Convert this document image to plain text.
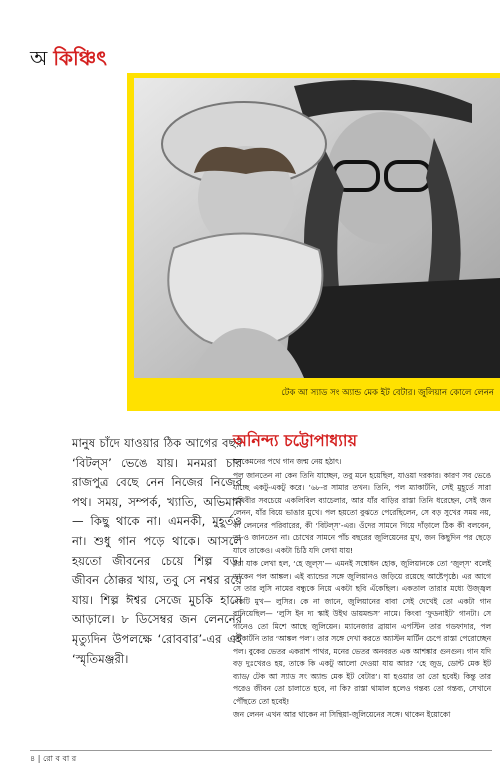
অ কিঞ্চিৎ
টেক আ স্যাড সং অ্যান্ড মেক ইট বেটার। জুলিয়ান কোলে লেনন

মানুষ চাঁদে যাওয়ার ঠিক আগের বছর ‘বিটল্‌স’ ভেঙে যায়। মনমরা চার রাজপুত্র বেছে নেন নিজের নিজের পথ। সময়, সম্পর্ক, খ্যাতি, অভিমান— কিছু থাকে না। এমনকী, মুহূর্তও না। শুধু গান পড়ে থাকে। আসলে হয়তো জীবনের চেয়ে শিল্প বড়। জীবন ঠোক্কর খায়, তবু সে নশ্বর রয়ে যায়। শিল্প ঈশ্বর সেজে মুচকি হাসে আড়ালে। ৮ ডিসেম্বর জন লেননের মৃত্যুদিন উপলক্ষে ‘রোববার’-এর এই ‘স্মৃতিমঞ্জরী।

অনিন্দ্য চট্টোপাধ্যায়

মনকেমনের পথে গান জন্ম নেয় হঠাৎ।

পল জানতেন না কেন তিনি যাচ্ছেন, তবু মনে হয়েছিল, যাওয়া দরকার। কারণ সব ভেঙে যাচ্ছে একটু-একটু করে। ’৬৮-র সামার তখন। তিনি, পল ম্যাকার্টনি, সেই মুহূর্তে সারা পৃথিবীর সবচেয়ে একলিবিল ব্যাচেলার, আর যাঁর বাড়ির রাস্তা তিনি ধরেছেন, সেই জন লেনন, যাঁর বিয়ে ভাঙার মুখে। পল হয়তো বুঝতে পেরেছিলেন, সে বড় সুখের সময় নয়, কী লেননের পরিবারের, কী ‘বিটল্‌স’-এর। ওঁদের সামনে গিয়ে দাঁড়ালে ঠিক কী বলবেন, তা-ও জানতেন না। চোখের সামনে পাঁচ বছরের জুলিয়েনের মুখ, জন কিছুদিন পর ছেড়ে যাবে তাকেও। একটা চিঠি যদি লেখা যায়!

ধরা যাক লেখা হল, ‘হে জুল্‌স’— এমনই সম্বোধন হোক, জুলিয়ানকে তো ‘জুল্‌স’ বলেই ডাকেন পল আঙ্কল। এই ব্যান্ডের সঙ্গে জুলিয়ানও জড়িয়ে রয়েছে আষ্টেপৃষ্ঠে। এর আগে সে তার লুসি নামের বন্ধুকে নিয়ে একটা ছবি এঁকেছিল। একতাল তারার মধ্যে উজ্জ্বল একটি মুখ— লুসির। কে না জানে, জুলিয়ানের বাবা সেই দেখেই তো একটা গান বানিয়েছিল— ‘লুসি ইন দ্য স্কাই উইথ ডায়মন্ডস’ নামে। কিংবা ‘ফুডনাইট’ গানটা। সে গানেও তো মিশে আছে জুলিয়েন। ম্যানেজার ব্রায়ান এপস্টিন তার গডফাদার, পল ম্যাকার্টনি তার ‘আঙ্কল পল’। তার সঙ্গে দেখা করতে অ্যাস্টন মার্টিন চেপে রাস্তা পেরোচ্ছেন পল। বুকের ভেতর একরাশ পাথর, মনের ভেতর অনবরত এক আশঙ্কার গুনগুন। গান যদি বড় দুঃখেরও হয়, তাকে কি একটু আলো দেওয়া যায় আর? ‘হে জুড, ডোন্ট মেক ইট ব্যাড/ টেক আ স্যাড সং অ্যান্ড মেক ইট বেটার’। যা হওয়ার তা তো হবেই। কিন্তু তার পরেও জীবন তো চালাতে হবে, না কি? রাস্তা থামাল হলেও গন্তব্য তো গন্তব্য, সেখানে পৌঁছতে তো হবেই!

জন লেনন এখন আর থাকেন না সিন্থিয়া-জুলিয়েনের সঙ্গে। থাকেন ইয়োকো

৪ | রো ব বা র
